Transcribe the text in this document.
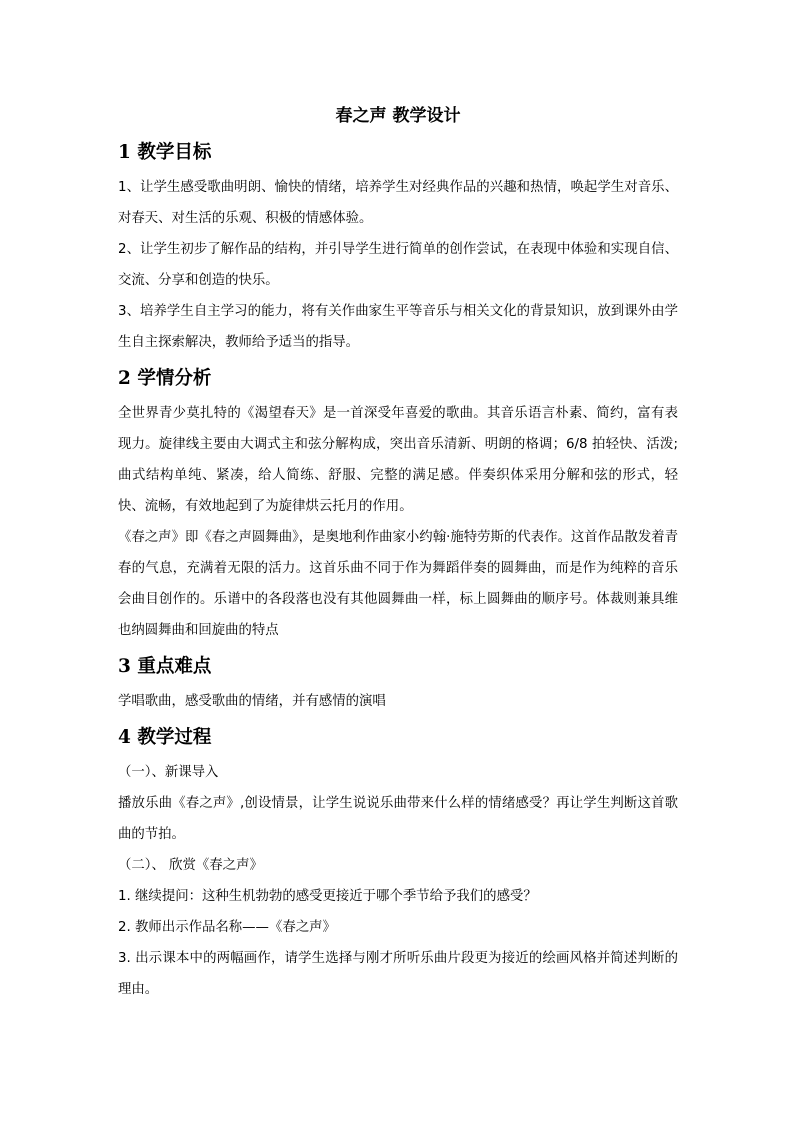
春之声 教学设计
1 教学目标

1、让学生感受歌曲明朗、愉快的情绪，培养学生对经典作品的兴趣和热情，唤起学生对音乐、对春天、对生活的乐观、积极的情感体验。

2、让学生初步了解作品的结构，并引导学生进行简单的创作尝试，在表现中体验和实现自信、交流、分享和创造的快乐。

3、培养学生自主学习的能力，将有关作曲家生平等音乐与相关文化的背景知识，放到课外由学生自主探索解决，教师给予适当的指导。

2 学情分析

全世界青少莫扎特的《渴望春天》是一首深受年喜爱的歌曲。其音乐语言朴素、简约，富有表现力。旋律线主要由大调式主和弦分解构成，突出音乐清新、明朗的格调；6/8 拍轻快、活泼;曲式结构单纯、紧凑，给人简练、舒服、完整的满足感。伴奏织体采用分解和弦的形式，轻快、流畅，有效地起到了为旋律烘云托月的作用。

《春之声》即《春之声圆舞曲》，是奥地利作曲家小约翰·施特劳斯的代表作。这首作品散发着青春的气息，充满着无限的活力。这首乐曲不同于作为舞蹈伴奏的圆舞曲，而是作为纯粹的音乐会曲目创作的。乐谱中的各段落也没有其他圆舞曲一样，标上圆舞曲的顺序号。体裁则兼具维也纳圆舞曲和回旋曲的特点

3 重点难点

学唱歌曲，感受歌曲的情绪，并有感情的演唱

4 教学过程

（一）、新课导入

播放乐曲《春之声》,创设情景，让学生说说乐曲带来什么样的情绪感受？再让学生判断这首歌曲的节拍。

（二）、 欣赏《春之声》

1. 继续提问：这种生机勃勃的感受更接近于哪个季节给予我们的感受？

2. 教师出示作品名称——《春之声》

3. 出示课本中的两幅画作，请学生选择与刚才所听乐曲片段更为接近的绘画风格并简述判断的理由。
